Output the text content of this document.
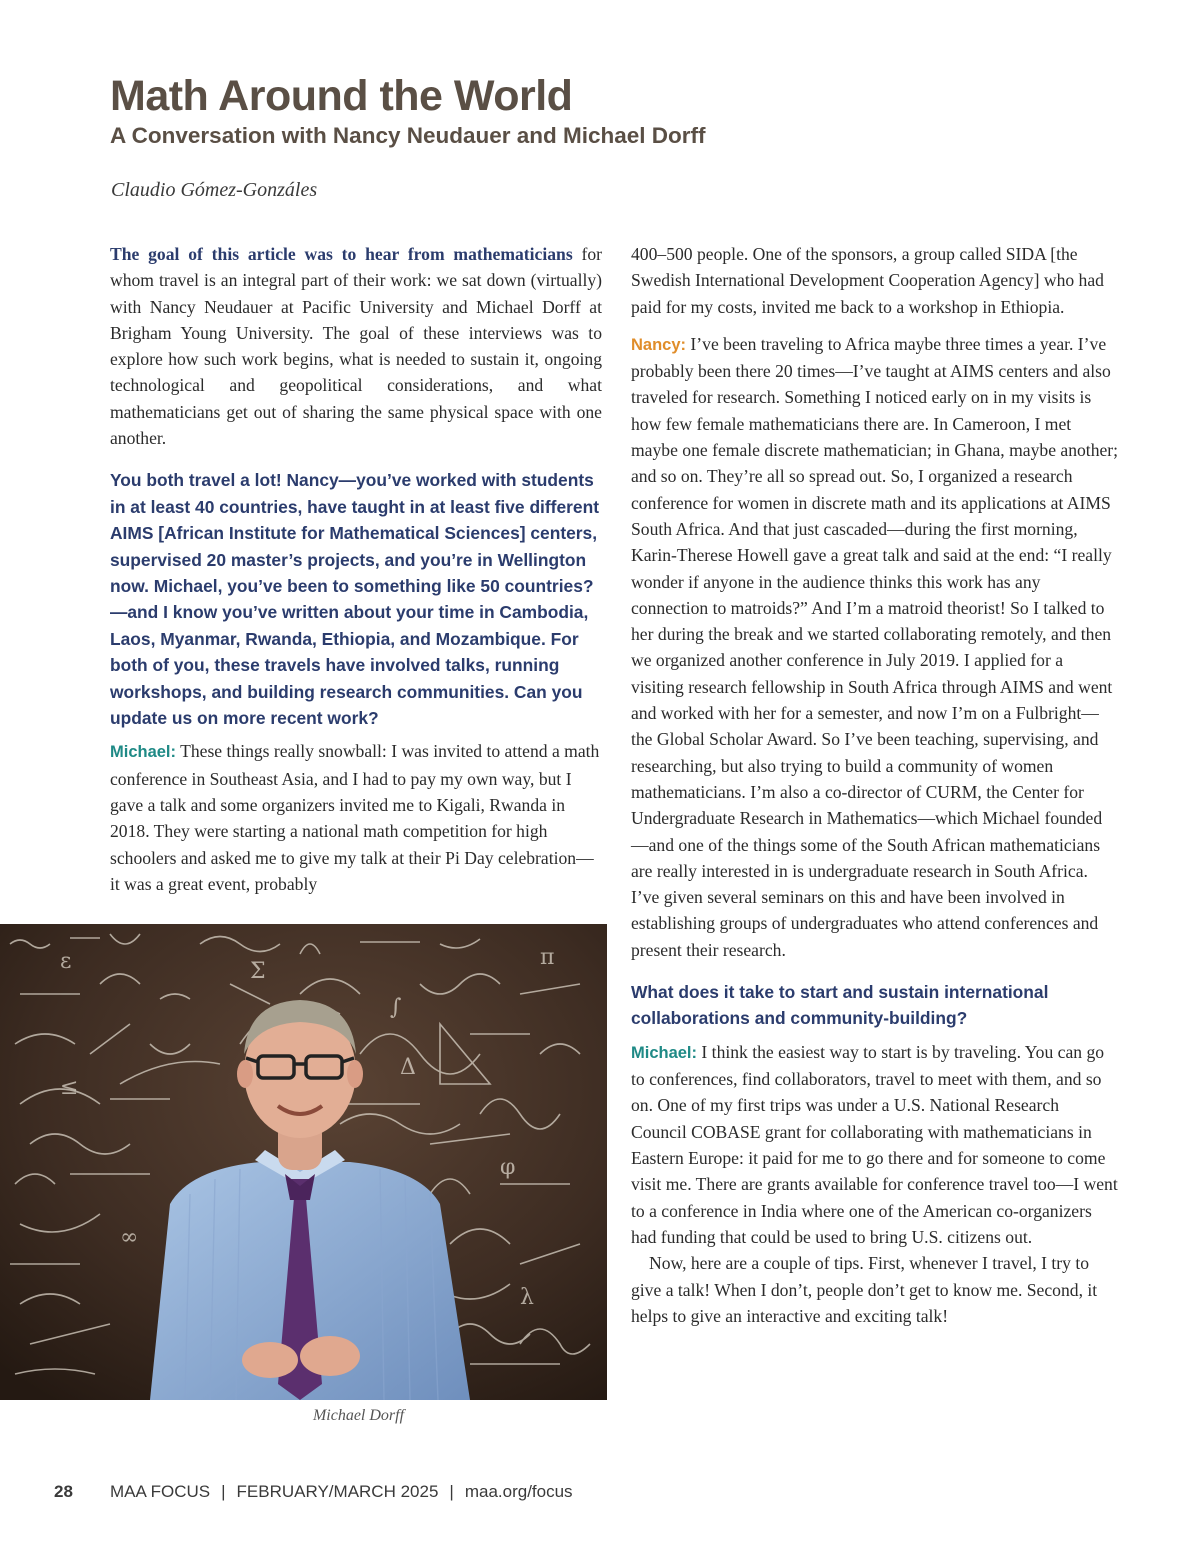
Math Around the World
A Conversation with Nancy Neudauer and Michael Dorff
Claudio Gómez-Gonzáles

The goal of this article was to hear from mathematicians for whom travel is an integral part of their work: we sat down (virtually) with Nancy Neudauer at Pacific University and Michael Dorff at Brigham Young University. The goal of these interviews was to explore how such work begins, what is needed to sustain it, ongoing technological and geopolitical considerations, and what mathematicians get out of sharing the same physical space with one another.

You both travel a lot! Nancy—you’ve worked with students in at least 40 countries, have taught in at least five different AIMS [African Institute for Mathematical Sciences] centers, supervised 20 master’s projects, and you’re in Wellington now. Michael, you’ve been to something like 50 countries?—and I know you’ve written about your time in Cambodia, Laos, Myanmar, Rwanda, Ethiopia, and Mozambique. For both of you, these travels have involved talks, running workshops, and building research communities. Can you update us on more recent work?

Michael: These things really snowball: I was invited to attend a math conference in Southeast Asia, and I had to pay my own way, but I gave a talk and some organizers invited me to Kigali, Rwanda in 2018. They were starting a national math competition for high schoolers and asked me to give my talk at their Pi Day celebration—it was a great event, probably

ε	Σ
π
∫
≤
φ
∞
λ
Δ
Michael Dorff

400–500 people. One of the sponsors, a group called SIDA [the Swedish International Development Cooperation Agency] who had paid for my costs, invited me back to a workshop in Ethiopia.

Nancy: I’ve been traveling to Africa maybe three times a year. I’ve probably been there 20 times—I’ve taught at AIMS centers and also traveled for research. Something I noticed early on in my visits is how few female mathematicians there are. In Cameroon, I met maybe one female discrete mathematician; in Ghana, maybe another; and so on. They’re all so spread out. So, I organized a research conference for women in discrete math and its applications at AIMS South Africa. And that just cascaded—during the first morning, Karin-Therese Howell gave a great talk and said at the end: “I really wonder if anyone in the audience thinks this work has any connection to matroids?” And I’m a matroid theorist! So I talked to her during the break and we started collaborating remotely, and then we organized another conference in July 2019. I applied for a visiting research fellowship in South Africa through AIMS and went and worked with her for a semester, and now I’m on a Fulbright—the Global Scholar Award. So I’ve been teaching, supervising, and researching, but also trying to build a community of women mathematicians. I’m also a co-director of CURM, the Center for Undergraduate Research in Mathematics—which Michael founded—and one of the things some of the South African mathematicians are really interested in is undergraduate research in South Africa. I’ve given several seminars on this and have been involved in establishing groups of undergraduates who attend conferences and present their research.

What does it take to start and sustain international collaborations and community-building?

Michael: I think the easiest way to start is by traveling. You can go to conferences, find collaborators, travel to meet with them, and so on. One of my first trips was under a U.S. National Research Council COBASE grant for collaborating with mathematicians in Eastern Europe: it paid for me to go there and for someone to come visit me. There are grants available for conference travel too—I went to a conference in India where one of the American co-organizers had funding that could be used to bring U.S. citizens out.

Now, here are a couple of tips. First, whenever I travel, I try to give a talk! When I don’t, people don’t get to know me. Second, it helps to give an interactive and exciting talk!

28 MAA FOCUS | FEBRUARY/MARCH 2025 | maa.org/focus
